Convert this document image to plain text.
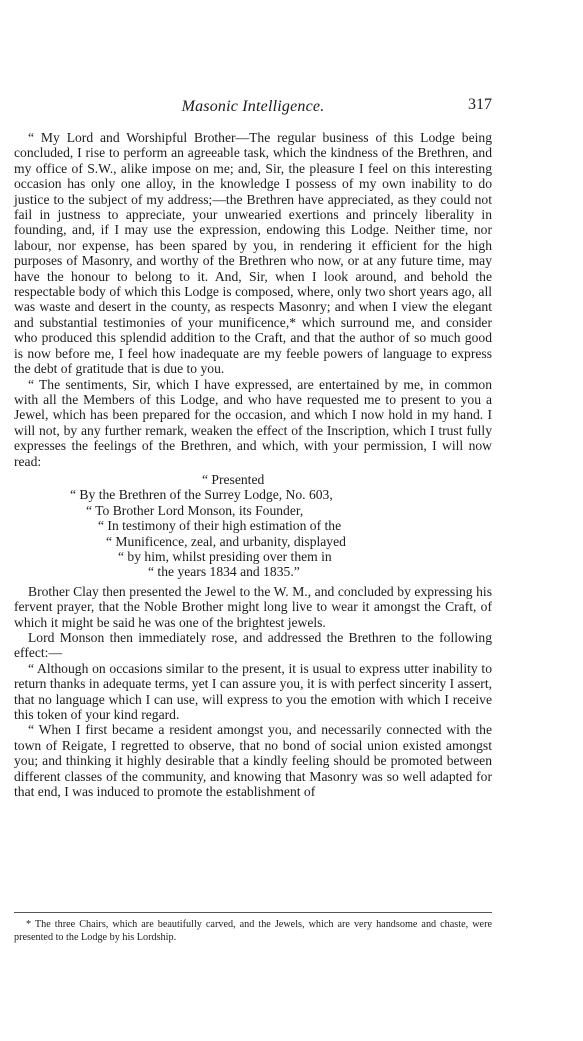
Masonic Intelligence.	317

“ My Lord and Worshipful Brother—The regular business of this Lodge being concluded, I rise to perform an agreeable task, which the kindness of the Brethren, and my office of S.W., alike impose on me; and, Sir, the pleasure I feel on this interesting occasion has only one alloy, in the knowledge I possess of my own inability to do justice to the subject of my address;—the Brethren have appreciated, as they could not fail in justness to appreciate, your unwearied exertions and princely liberality in founding, and, if I may use the expression, endowing this Lodge. Neither time, nor labour, nor expense, has been spared by you, in rendering it efficient for the high purposes of Masonry, and worthy of the Brethren who now, or at any future time, may have the honour to belong to it. And, Sir, when I look around, and behold the respectable body of which this Lodge is composed, where, only two short years ago, all was waste and desert in the county, as respects Masonry; and when I view the elegant and substantial testimonies of your munificence,* which surround me, and consider who produced this splendid addition to the Craft, and that the author of so much good is now before me, I feel how inadequate are my feeble powers of language to express the debt of gratitude that is due to you.

“ The sentiments, Sir, which I have expressed, are entertained by me, in common with all the Members of this Lodge, and who have requested me to present to you a Jewel, which has been prepared for the occasion, and which I now hold in my hand. I will not, by any further remark, weaken the effect of the Inscription, which I trust fully expresses the feelings of the Brethren, and which, with your permission, I will now read:

“ Presented
“ By the Brethren of the Surrey Lodge, No. 603,
“ To Brother Lord Monson, its Founder,
“ In testimony of their high estimation of the
“ Munificence, zeal, and urbanity, displayed
“ by him, whilst presiding over them in
“ the years 1834 and 1835.”

Brother Clay then presented the Jewel to the W. M., and concluded by expressing his fervent prayer, that the Noble Brother might long live to wear it amongst the Craft, of which it might be said he was one of the brightest jewels.

Lord Monson then immediately rose, and addressed the Brethren to the following effect:—

“ Although on occasions similar to the present, it is usual to express utter inability to return thanks in adequate terms, yet I can assure you, it is with perfect sincerity I assert, that no language which I can use, will express to you the emotion with which I receive this token of your kind regard.

“ When I first became a resident amongst you, and necessarily connected with the town of Reigate, I regretted to observe, that no bond of social union existed amongst you; and thinking it highly desirable that a kindly feeling should be promoted between different classes of the community, and knowing that Masonry was so well adapted for that end, I was induced to promote the establishment of

* The three Chairs, which are beautifully carved, and the Jewels, which are very handsome and chaste, were presented to the Lodge by his Lordship.
